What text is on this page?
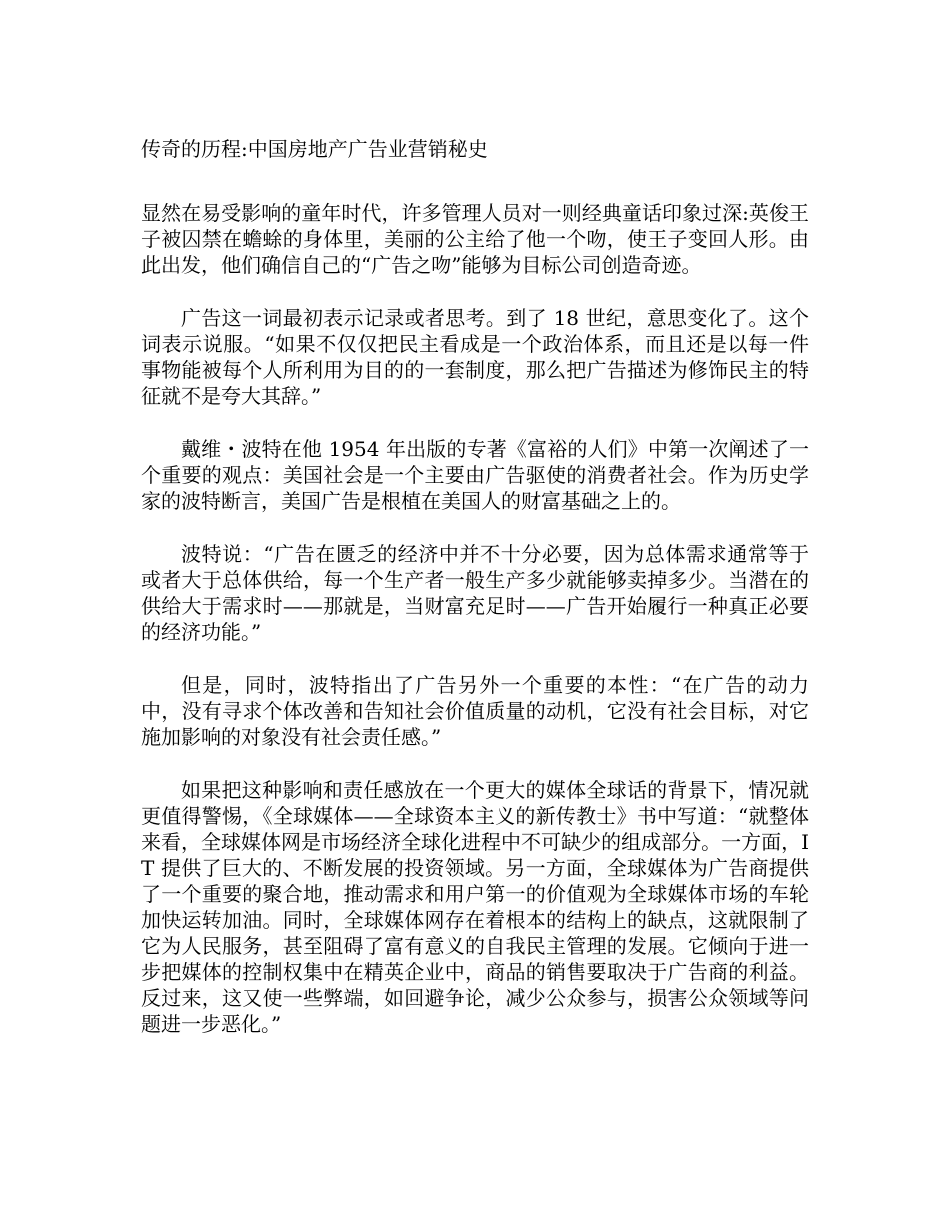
传奇的历程:中国房地产广告业营销秘史

显然在易受影响的童年时代，许多管理人员对一则经典童话印象过深:英俊王子被囚禁在蟾蜍的身体里，美丽的公主给了他一个吻，使王子变回人形。由此出发，他们确信自己的“广告之吻”能够为目标公司创造奇迹。

广告这一词最初表示记录或者思考。到了 18 世纪，意思变化了。这个词表示说服。“如果不仅仅把民主看成是一个政治体系，而且还是以每一件事物能被每个人所利用为目的的一套制度，那么把广告描述为修饰民主的特征就不是夸大其辞。”

戴维・波特在他 1954 年出版的专著《富裕的人们》中第一次阐述了一个重要的观点：美国社会是一个主要由广告驱使的消费者社会。作为历史学家的波特断言，美国广告是根植在美国人的财富基础之上的。

波特说：“广告在匮乏的经济中并不十分必要，因为总体需求通常等于或者大于总体供给，每一个生产者一般生产多少就能够卖掉多少。当潜在的供给大于需求时——那就是，当财富充足时——广告开始履行一种真正必要的经济功能。”

但是，同时，波特指出了广告另外一个重要的本性：“在广告的动力中，没有寻求个体改善和告知社会价值质量的动机，它没有社会目标，对它施加影响的对象没有社会责任感。”

如果把这种影响和责任感放在一个更大的媒体全球话的背景下，情况就更值得警惕，《全球媒体——全球资本主义的新传教士》书中写道：“就整体来看，全球媒体网是市场经济全球化进程中不可缺少的组成部分。一方面，IT 提供了巨大的、不断发展的投资领域。另一方面，全球媒体为广告商提供了一个重要的聚合地，推动需求和用户第一的价值观为全球媒体市场的车轮加快运转加油。同时，全球媒体网存在着根本的结构上的缺点，这就限制了它为人民服务，甚至阻碍了富有意义的自我民主管理的发展。它倾向于进一步把媒体的控制权集中在精英企业中，商品的销售要取决于广告商的利益。反过来，这又使一些弊端，如回避争论，减少公众参与，损害公众领域等问题进一步恶化。”
